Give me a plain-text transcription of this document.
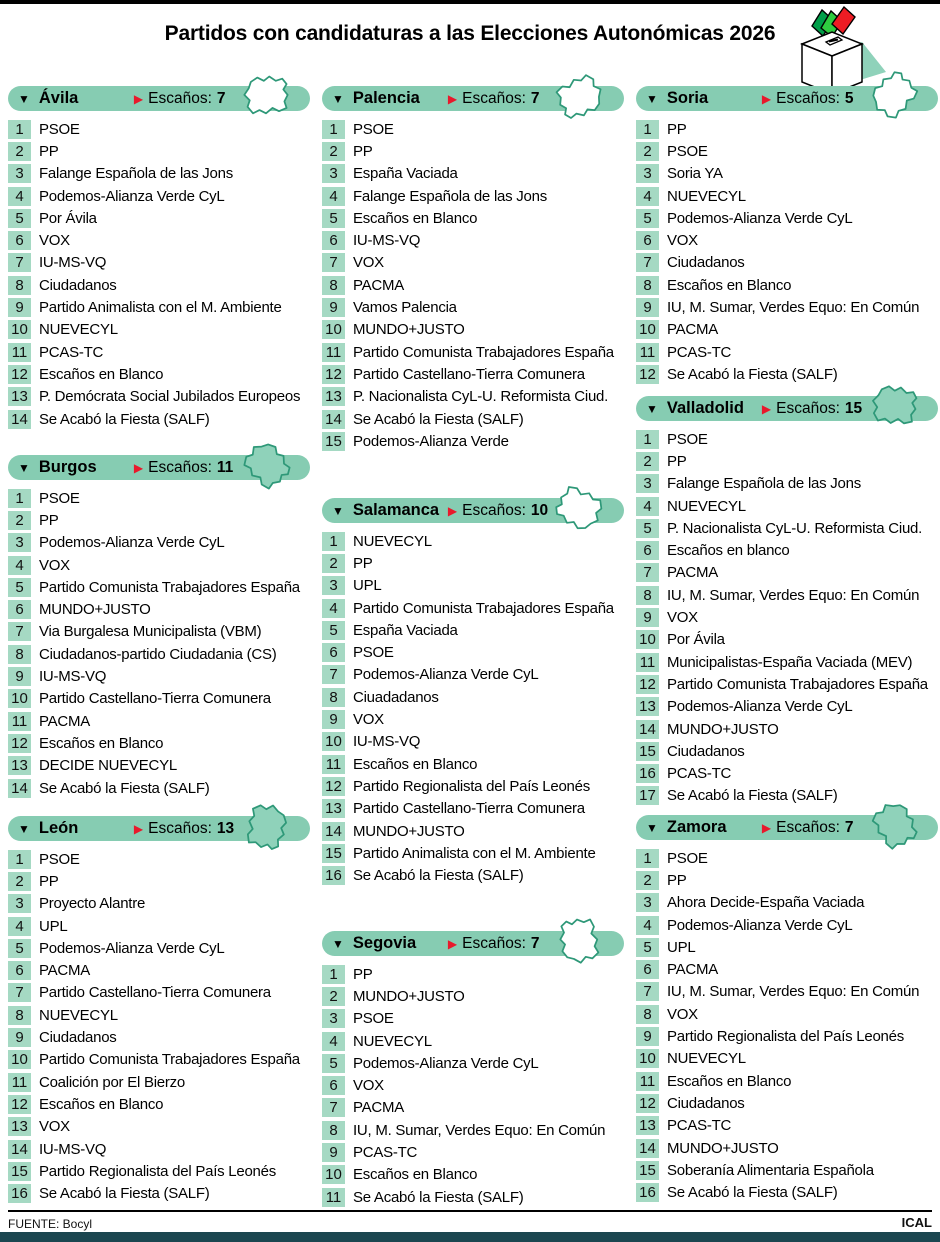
Partidos con candidaturas a las Elecciones Autonómicas 2026
▼ Ávila	▶ Escaños: 7
1	PSOE
2	PP
3	Falange Española de las Jons
4	Podemos-Alianza Verde CyL
5	Por Ávila
6	VOX
7	IU-MS-VQ
8	Ciudadanos
9	Partido Animalista con el M. Ambiente
10 NUEVECYL
11 PCAS-TC
12 Escaños en Blanco
13 P. Demócrata Social Jubilados Europeos
14 Se Acabó la Fiesta (SALF)
▼ Burgos	▶ Escaños: 11
1	PSOE
2	PP
3	Podemos-Alianza Verde CyL
4	VOX
5	Partido Comunista Trabajadores España
6	MUNDO+JUSTO
7	Via Burgalesa Municipalista (VBM)
8	Ciudadanos-partido Ciudadania (CS)
9	IU-MS-VQ
10 Partido Castellano-Tierra Comunera
11 PACMA
12 Escaños en Blanco
13 DECIDE NUEVECYL
14 Se Acabó la Fiesta (SALF)
▼ León	▶ Escaños: 13
1	PSOE
2	PP
3	Proyecto Alantre
4	UPL
5	Podemos-Alianza Verde CyL
6	PACMA
7	Partido Castellano-Tierra Comunera
8	NUEVECYL
9	Ciudadanos
10 Partido Comunista Trabajadores España
11 Coalición por El Bierzo
12 Escaños en Blanco
13 VOX
14 IU-MS-VQ
15 Partido Regionalista del País Leonés
16 Se Acabó la Fiesta (SALF)
▼ Palencia	▶ Escaños: 7
1	PSOE
2	PP
3	España Vaciada
4	Falange Española de las Jons
5	Escaños en Blanco
6	IU-MS-VQ
7	VOX
8	PACMA
9	Vamos Palencia
10 MUNDO+JUSTO
11 Partido Comunista Trabajadores España
12 Partido Castellano-Tierra Comunera
13 P. Nacionalista CyL-U. Reformista Ciud.
14 Se Acabó la Fiesta (SALF)
15 Podemos-Alianza Verde
▼ Salamanca ▶ Escaños: 10
1	NUEVECYL
2	PP
3	UPL
4	Partido Comunista Trabajadores España
5	España Vaciada
6	PSOE
7	Podemos-Alianza Verde CyL
8	Ciuadadanos
9	VOX
10 IU-MS-VQ
11 Escaños en Blanco
12 Partido Regionalista del País Leonés
13 Partido Castellano-Tierra Comunera
14 MUNDO+JUSTO
15 Partido Animalista con el M. Ambiente
16 Se Acabó la Fiesta (SALF)
▼ Segovia	▶ Escaños: 7
1	PP
2	MUNDO+JUSTO
3	PSOE
4	NUEVECYL
5	Podemos-Alianza Verde CyL
6	VOX
7	PACMA
8	IU, M. Sumar, Verdes Equo: En Común
9	PCAS-TC
10 Escaños en Blanco
11 Se Acabó la Fiesta (SALF)
▼ Soria	▶ Escaños: 5
1	PP
2	PSOE
3	Soria YA
4	NUEVECYL
5	Podemos-Alianza Verde CyL
6	VOX
7	Ciudadanos
8	Escaños en Blanco
9	IU, M. Sumar, Verdes Equo: En Común
10 PACMA
11 PCAS-TC
12 Se Acabó la Fiesta (SALF)
▼ Valladolid	▶ Escaños: 15
1	PSOE
2	PP
3	Falange Española de las Jons
4	NUEVECYL
5	P. Nacionalista CyL-U. Reformista Ciud.
6	Escaños en blanco
7	PACMA
8	IU, M. Sumar, Verdes Equo: En Común
9	VOX
10 Por Ávila
11 Municipalistas-España Vaciada (MEV)
12 Partido Comunista Trabajadores España
13 Podemos-Alianza Verde CyL
14 MUNDO+JUSTO
15 Ciudadanos
16 PCAS-TC
17 Se Acabó la Fiesta (SALF)
▼ Zamora	▶ Escaños: 7
1	PSOE
2	PP
3	Ahora Decide-España Vaciada
4	Podemos-Alianza Verde CyL
5	UPL
6	PACMA
7	IU, M. Sumar, Verdes Equo: En Común
8	VOX
9	Partido Regionalista del País Leonés
10 NUEVECYL
11 Escaños en Blanco
12 Ciudadanos
13 PCAS-TC
14 MUNDO+JUSTO
15 Soberanía Alimentaria Española
16 Se Acabó la Fiesta (SALF)
FUENTE: Bocyl	ICAL
